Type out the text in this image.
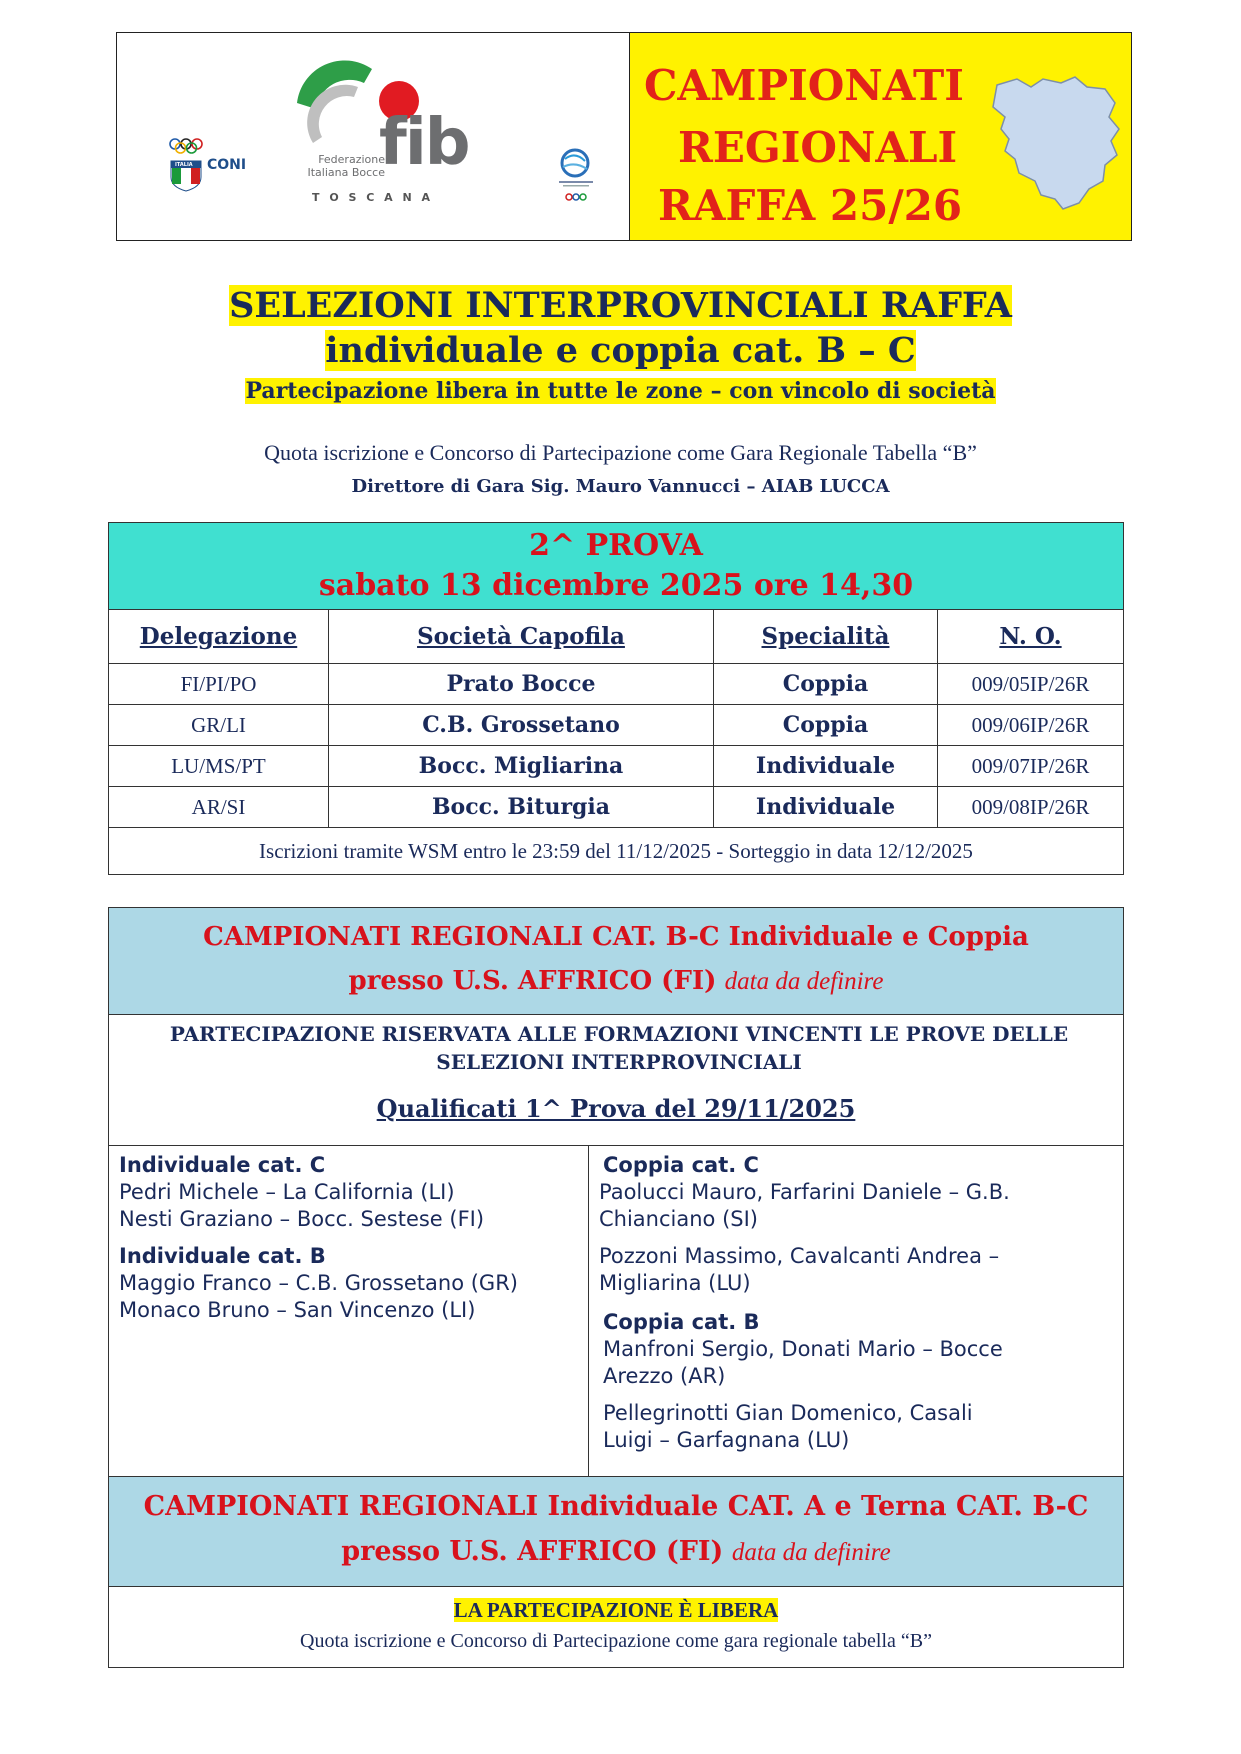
ITALIA CONI fib
Federazione Italiana Bocce
T O S C A N A
CAMPIONATI
REGIONALI
RAFFA 25/26
SELEZIONI INTERPROVINCIALI RAFFA
individuale e coppia cat. B – C
Partecipazione libera in tutte le zone – con vincolo di società
Quota iscrizione e Concorso di Partecipazione come Gara Regionale Tabella “B”
Direttore di Gara Sig. Mauro Vannucci – AIAB LUCCA
2^ PROVA
sabato 13 dicembre 2025 ore 14,30			

Delegazione	Società Capofila	Specialità	N. O.
FI/PI/PO	Prato Bocce	Coppia	009/05IP/26R
GR/LI	C.B. Grossetano	Coppia	009/06IP/26R
LU/MS/PT	Bocc. Migliarina	Individuale	009/07IP/26R
AR/SI	Bocc. Biturgia	Individuale	009/08IP/26R
Iscrizioni tramite WSM entro le 23:59 del 11/12/2025 - Sorteggio in data 12/12/2025			
CAMPIONATI REGIONALI CAT. B-C Individuale e Coppia
presso U.S. AFFRICO (FI) data da definire
PARTECIPAZIONE RISERVATA ALLE FORMAZIONI VINCENTI LE PROVE DELLE SELEZIONI INTERPROVINCIALI
Qualificati 1^ Prova del 29/11/2025
Individuale cat. C
Pedri Michele – La California (LI)
Nesti Graziano – Bocc. Sestese (FI)
Individuale cat. B
Maggio Franco – C.B. Grossetano (GR)
Monaco Bruno – San Vincenzo (LI)
Coppia cat. C
Paolucci Mauro, Farfarini Daniele – G.B. Chianciano (SI)
Pozzoni Massimo, Cavalcanti Andrea – Migliarina (LU)
Coppia cat. B
Manfroni Sergio, Donati Mario – Bocce Arezzo (AR)
Pellegrinotti Gian Domenico, Casali Luigi – Garfagnana (LU)
CAMPIONATI REGIONALI Individuale CAT. A e Terna CAT. B-C
presso U.S. AFFRICO (FI) data da definire
LA PARTECIPAZIONE È LIBERA
Quota iscrizione e Concorso di Partecipazione come gara regionale tabella “B”
